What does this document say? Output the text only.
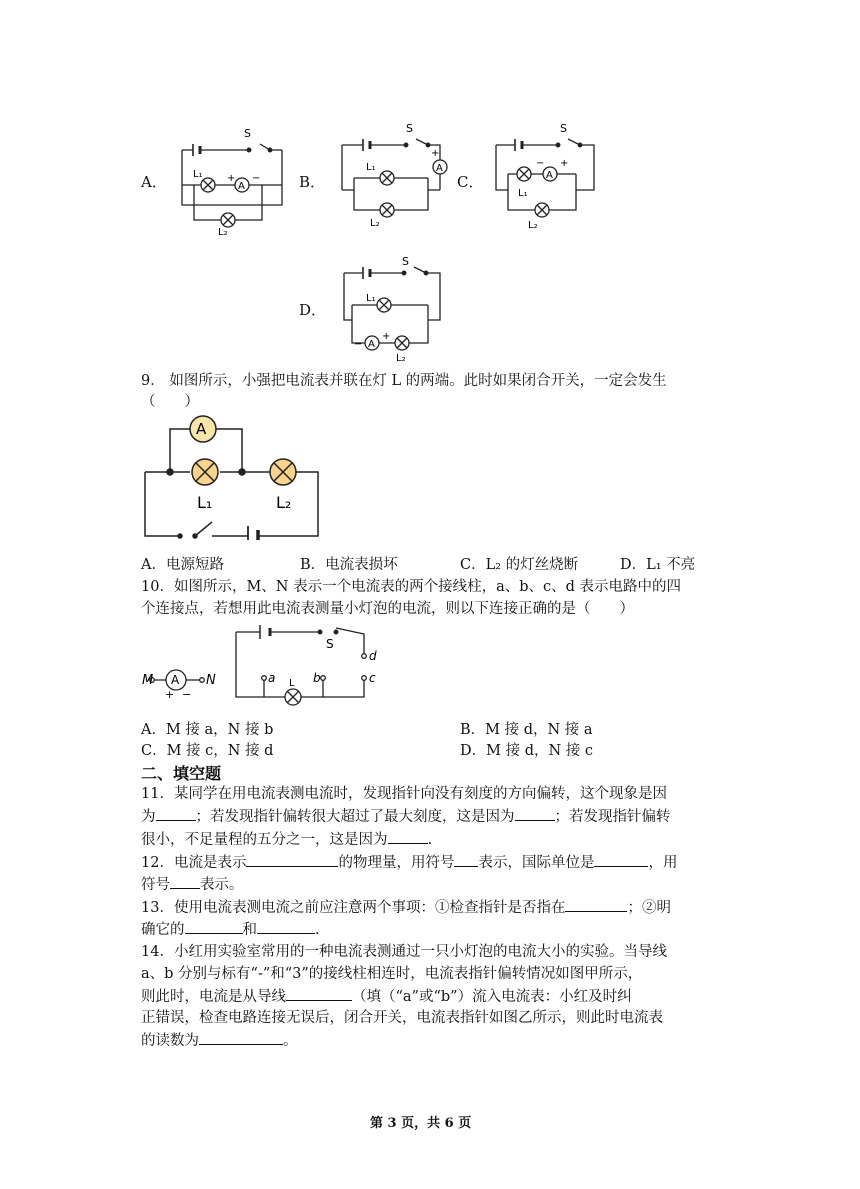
A．	B．	C．
D．
S
L₁
A
+ −
L₂
S
L₁
L₂
A
+
S
L₁
A
− +
L₂
S
L₁
A
−
+
L₂
9． 如图所示，小强把电流表并联在灯 L 的两端。此时如果闭合开关，一定会发生
（　　）
A
L₁	L₂
A．电源短路	B．电流表损坏	C．L₂ 的灯丝烧断	D．L₁ 不亮
10．如图所示，M、N 表示一个电流表的两个接线柱，a、b、c、d 表示电路中的四
个连接点，若想用此电流表测量小灯泡的电流，则以下连接正确的是（　　）
M	N
A
+ −
S
d
a	b	c
L
A．M 接 a，N 接 b	B．M 接 d，N 接 a
C．M 接 c，N 接 d	D．M 接 d，N 接 c
二、填空题
11．某同学在用电流表测电流时，发现指针向没有刻度的方向偏转，这个现象是因
为	；若发现指针偏转很大超过了最大刻度，这是因为	；若发现指针偏转
很小，不足量程的五分之一，这是因为	.
12．电流是表示	的物理量，用符号 表示，国际单位是	，用
符号 表示。
13．使用电流表测电流之前应注意两个事项：①检查指针是否指在	；②明
确它的	和	.
14．小红用实验室常用的一种电流表测通过一只小灯泡的电流大小的实验。当导线
a、b 分别与标有“-”和“3”的接线柱相连时，电流表指针偏转情况如图甲所示，
则此时，电流是从导线	（填（“a”或“b”）流入电流表：小红及时纠
正错误，检查电路连接无误后，闭合开关，电流表指针如图乙所示，则此时电流表
的读数为	。
第 3 页，共 6 页
